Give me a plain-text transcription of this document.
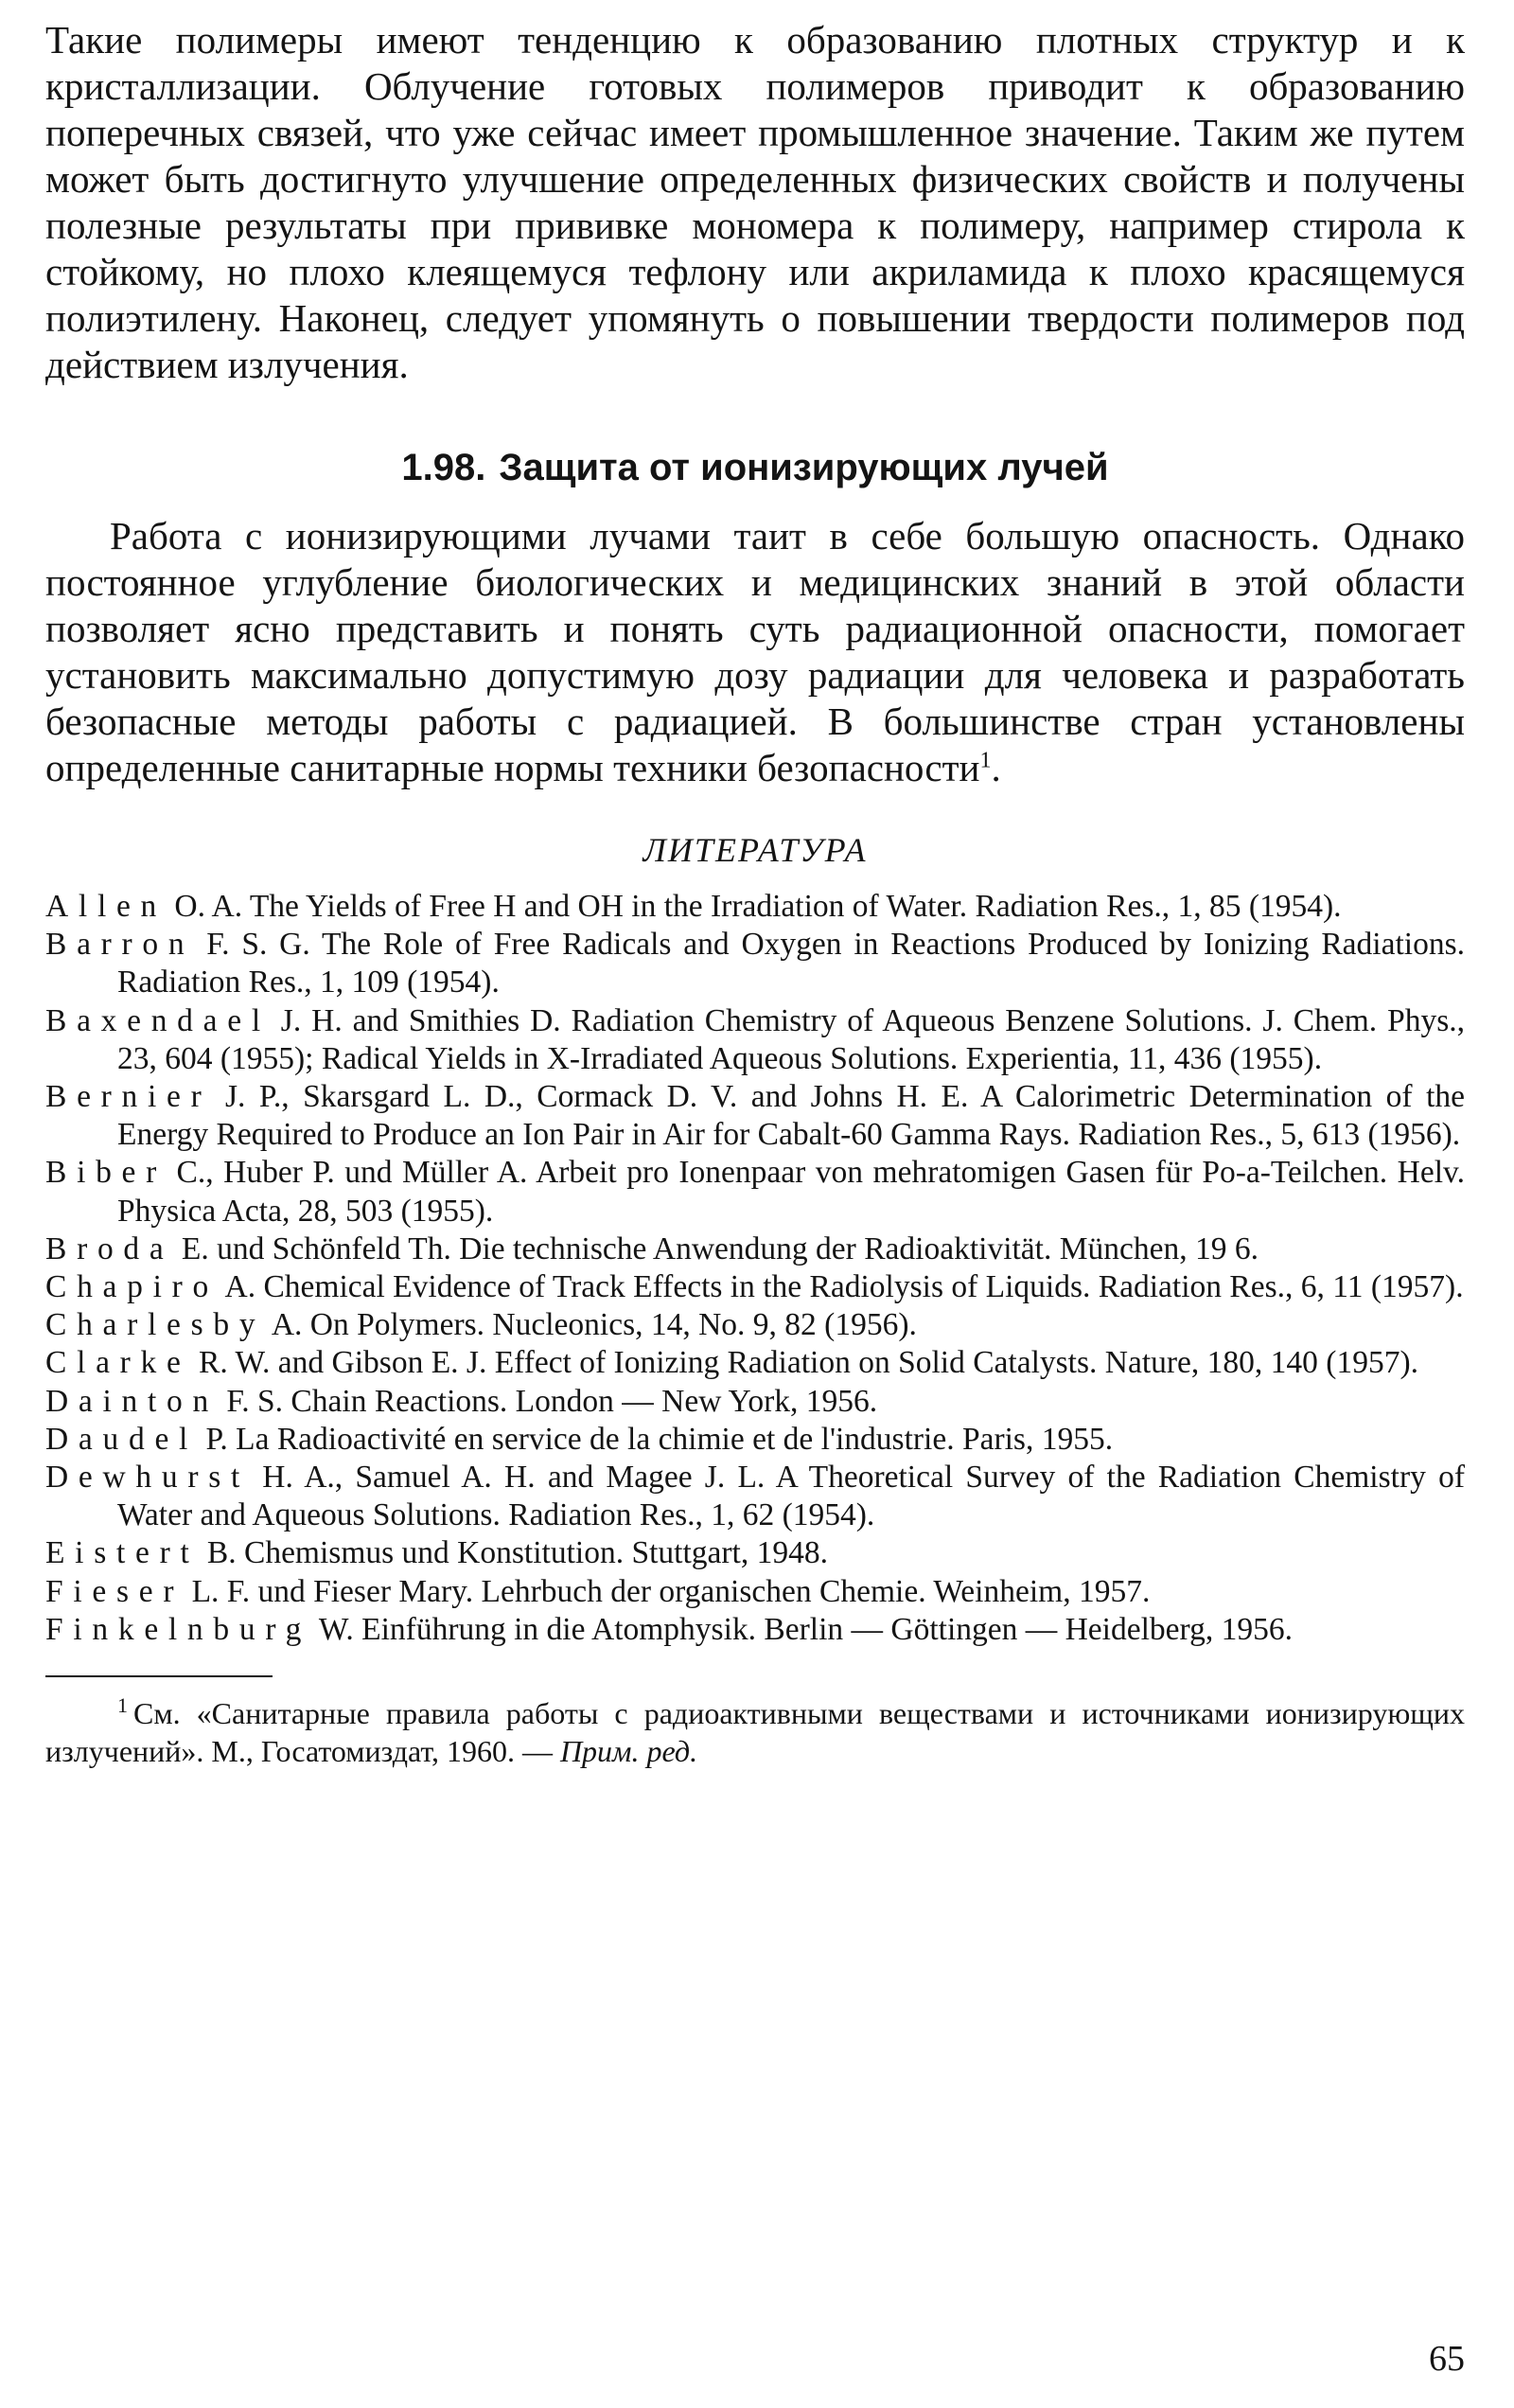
Такие полимеры имеют тенденцию к образованию плотных структур и к кристаллизации. Облучение готовых полимеров приводит к образованию поперечных связей, что уже сейчас имеет промышленное значение. Таким же путем может быть достигнуто улучшение определенных физических свойств и получены полезные результаты при прививке мономера к полимеру, например стирола к стойкому, но плохо клеящемуся тефлону или акриламида к плохо красящемуся полиэтилену. Наконец, следует упомянуть о повышении твердости полимеров под действием излучения.

1.98. Защита от ионизирующих лучей

Работа с ионизирующими лучами таит в себе большую опасность. Однако постоянное углубление биологических и медицинских знаний в этой области позволяет ясно представить и понять суть радиационной опасности, помогает установить максимально допустимую дозу радиации для человека и разработать безопасные методы работы с радиацией. В большинстве стран установлены определенные санитарные нормы техники безопасности$^1$.

ЛИТЕРАТУРА
Allen O. A. The Yields of Free H and OH in the Irradiation of Water. Radiation Res., 1, 85 (1954).
Barron F. S. G. The Role of Free Radicals and Oxygen in Reactions Produced by Ionizing Radiations. Radiation Res., 1, 109 (1954).
Baxendael J. H. and Smithies D. Radiation Chemistry of Aqueous Benzene Solutions. J. Chem. Phys., 23, 604 (1955); Radical Yields in X-Irradiated Aqueous Solutions. Experientia, 11, 436 (1955).
Bernier J. P., Skarsgard L. D., Cormack D. V. and Johns H. E. A Calorimetric Determination of the Energy Required to Produce an Ion Pair in Air for Cabalt-60 Gamma Rays. Radiation Res., 5, 613 (1956).
Biber C., Huber P. und Müller A. Arbeit pro Ionenpaar von mehratomigen Gasen für Po-a-Teilchen. Helv. Physica Acta, 28, 503 (1955).
Broda E. und Schönfeld Th. Die technische Anwendung der Radioaktivität. München, 19 6.
Chapiro A. Chemical Evidence of Track Effects in the Radiolysis of Liquids. Radiation Res., 6, 11 (1957).
Charlesby A. On Polymers. Nucleonics, 14, No. 9, 82 (1956).
Clarke R. W. and Gibson E. J. Effect of Ionizing Radiation on Solid Catalysts. Nature, 180, 140 (1957).
Dainton F. S. Chain Reactions. London — New York, 1956.
Daudel P. La Radioactivité en service de la chimie et de l'industrie. Paris, 1955.
Dewhurst H. A., Samuel A. H. and Magee J. L. A Theoretical Survey of the Radiation Chemistry of Water and Aqueous Solutions. Radiation Res., 1, 62 (1954).
Eistert B. Chemismus und Konstitution. Stuttgart, 1948.
Fieser L. F. und Fieser Mary. Lehrbuch der organischen Chemie. Weinheim, 1957.
Finkelnburg W. Einführung in die Atomphysik. Berlin — Göttingen — Heidelberg, 1956.

$^1$ См. «Санитарные правила работы с радиоактивными веществами и источниками ионизирующих излучений». М., Госатомиздат, 1960. — Прим. ред.

65
